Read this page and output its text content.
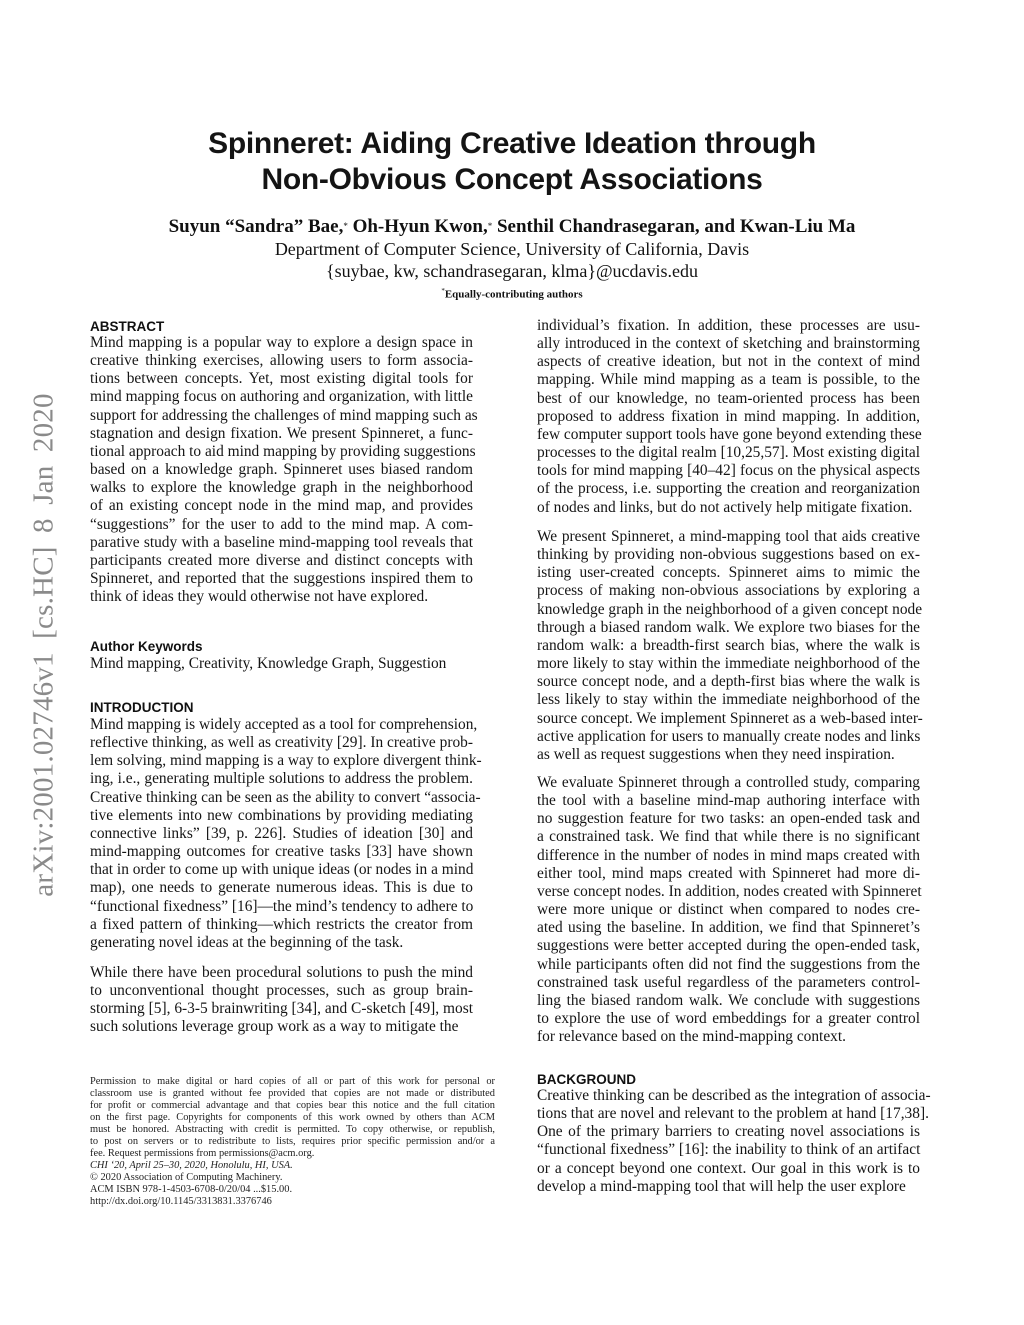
Spinneret: Aiding Creative Ideation through
Non-Obvious Concept Associations
Suyun “Sandra” Bae,* Oh-Hyun Kwon,* Senthil Chandrasegaran, and Kwan-Liu Ma
Department of Computer Science, University of California, Davis
{suybae, kw, schandrasegaran, klma}@ucdavis.edu
*Equally-contributing authors
arXiv:2001.02746v1 [cs.HC] 8 Jan 2020
ABSTRACT
Mind mapping is a popular way to explore a design space in
creative thinking exercises, allowing users to form associa-
tions between concepts. Yet, most existing digital tools for
mind mapping focus on authoring and organization, with little
support for addressing the challenges of mind mapping such as
stagnation and design fixation. We present Spinneret, a func-
tional approach to aid mind mapping by providing suggestions
based on a knowledge graph. Spinneret uses biased random
walks to explore the knowledge graph in the neighborhood
of an existing concept node in the mind map, and provides
“suggestions” for the user to add to the mind map. A com-
parative study with a baseline mind-mapping tool reveals that
participants created more diverse and distinct concepts with
Spinneret, and reported that the suggestions inspired them to
think of ideas they would otherwise not have explored.
Author Keywords
Mind mapping, Creativity, Knowledge Graph, Suggestion
INTRODUCTION
Mind mapping is widely accepted as a tool for comprehension,
reflective thinking, as well as creativity [29]. In creative prob-
lem solving, mind mapping is a way to explore divergent think-
ing, i.e., generating multiple solutions to address the problem.
Creative thinking can be seen as the ability to convert “associa-
tive elements into new combinations by providing mediating
connective links” [39, p. 226]. Studies of ideation [30] and
mind-mapping outcomes for creative tasks [33] have shown
that in order to come up with unique ideas (or nodes in a mind
map), one needs to generate numerous ideas. This is due to
“functional fixedness” [16]—the mind’s tendency to adhere to
a fixed pattern of thinking—which restricts the creator from
generating novel ideas at the beginning of the task.
While there have been procedural solutions to push the mind
to unconventional thought processes, such as group brain-
storming [5], 6-3-5 brainwriting [34], and C-sketch [49], most
such solutions leverage group work as a way to mitigate the
Permission to make digital or hard copies of all or part of this work for personal or
classroom use is granted without fee provided that copies are not made or distributed
for profit or commercial advantage and that copies bear this notice and the full citation
on the first page. Copyrights for components of this work owned by others than ACM
must be honored. Abstracting with credit is permitted. To copy otherwise, or republish,
to post on servers or to redistribute to lists, requires prior specific permission and/or a
fee. Request permissions from permissions@acm.org.
CHI ‘20, April 25–30, 2020, Honolulu, HI, USA.
© 2020 Association of Computing Machinery.
ACM ISBN 978-1-4503-6708-0/20/04 ...$15.00.
http://dx.doi.org/10.1145/3313831.3376746
individual’s fixation. In addition, these processes are usu-
ally introduced in the context of sketching and brainstorming
aspects of creative ideation, but not in the context of mind
mapping. While mind mapping as a team is possible, to the
best of our knowledge, no team-oriented process has been
proposed to address fixation in mind mapping. In addition,
few computer support tools have gone beyond extending these
processes to the digital realm [10,25,57]. Most existing digital
tools for mind mapping [40–42] focus on the physical aspects
of the process, i.e. supporting the creation and reorganization
of nodes and links, but do not actively help mitigate fixation.
We present Spinneret, a mind-mapping tool that aids creative
thinking by providing non-obvious suggestions based on ex-
isting user-created concepts. Spinneret aims to mimic the
process of making non-obvious associations by exploring a
knowledge graph in the neighborhood of a given concept node
through a biased random walk. We explore two biases for the
random walk: a breadth-first search bias, where the walk is
more likely to stay within the immediate neighborhood of the
source concept node, and a depth-first bias where the walk is
less likely to stay within the immediate neighborhood of the
source concept. We implement Spinneret as a web-based inter-
active application for users to manually create nodes and links
as well as request suggestions when they need inspiration.
We evaluate Spinneret through a controlled study, comparing
the tool with a baseline mind-map authoring interface with
no suggestion feature for two tasks: an open-ended task and
a constrained task. We find that while there is no significant
difference in the number of nodes in mind maps created with
either tool, mind maps created with Spinneret had more di-
verse concept nodes. In addition, nodes created with Spinneret
were more unique or distinct when compared to nodes cre-
ated using the baseline. In addition, we find that Spinneret’s
suggestions were better accepted during the open-ended task,
while participants often did not find the suggestions from the
constrained task useful regardless of the parameters control-
ling the biased random walk. We conclude with suggestions
to explore the use of word embeddings for a greater control
for relevance based on the mind-mapping context.
BACKGROUND
Creative thinking can be described as the integration of associa-
tions that are novel and relevant to the problem at hand [17,38].
One of the primary barriers to creating novel associations is
“functional fixedness” [16]: the inability to think of an artifact
or a concept beyond one context. Our goal in this work is to
develop a mind-mapping tool that will help the user explore
